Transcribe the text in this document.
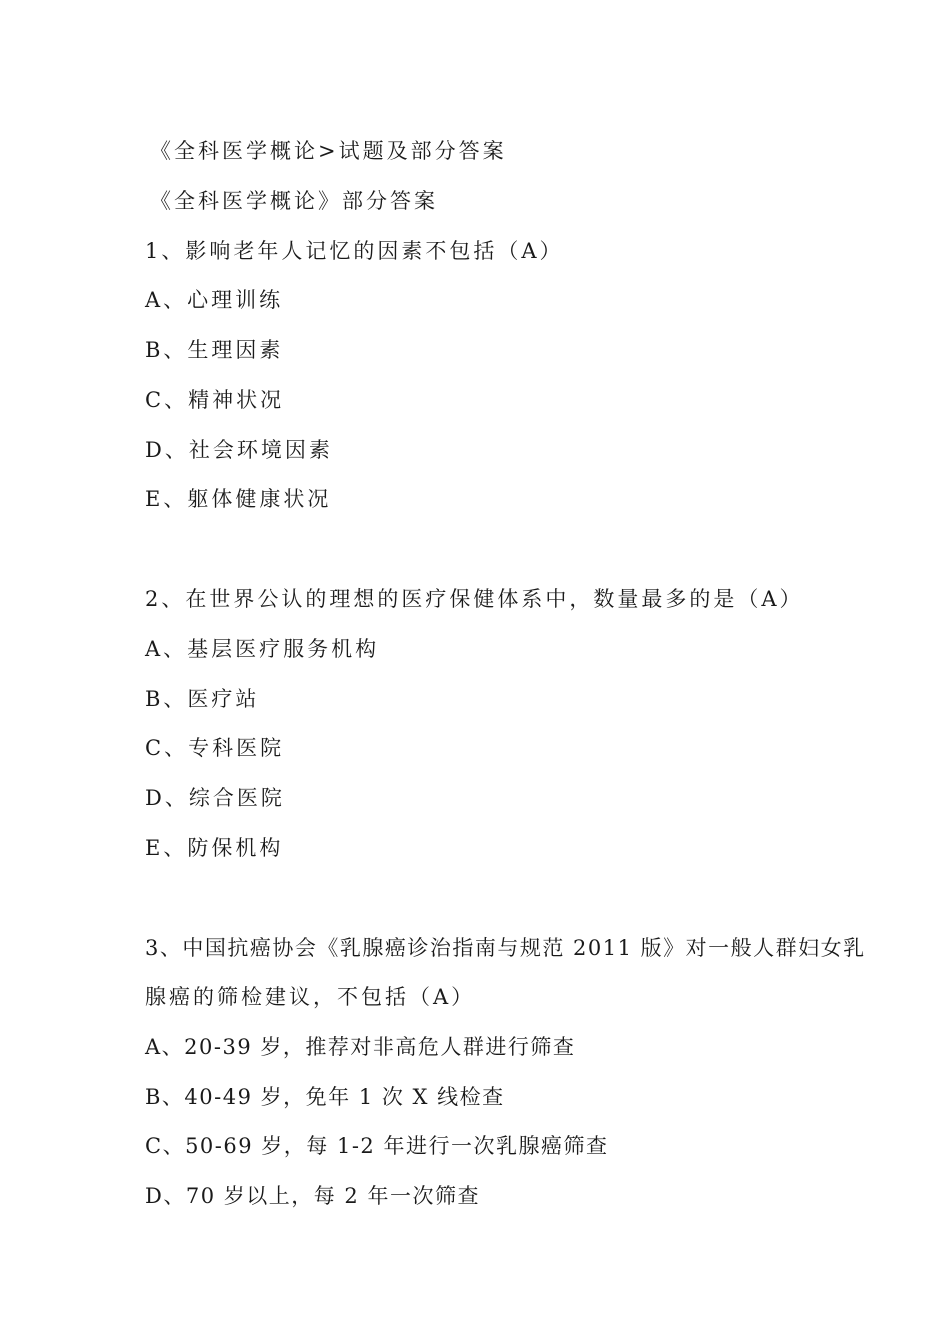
《全科医学概论>试题及部分答案
《全科医学概论》部分答案
1、影响老年人记忆的因素不包括（A）
A、心理训练
B、生理因素
C、精神状况
D、社会环境因素
E、躯体健康状况
2、在世界公认的理想的医疗保健体系中，数量最多的是（A）
A、基层医疗服务机构
B、医疗站
C、专科医院
D、综合医院
E、防保机构
3、中国抗癌协会《乳腺癌诊治指南与规范 2011 版》对一般人群妇女乳
腺癌的筛检建议，不包括（A）
A、20-39 岁，推荐对非高危人群进行筛查
B、40-49 岁，免年 1 次 X 线检查
C、50-69 岁，每 1-2 年进行一次乳腺癌筛查
D、70 岁以上，每 2 年一次筛查
